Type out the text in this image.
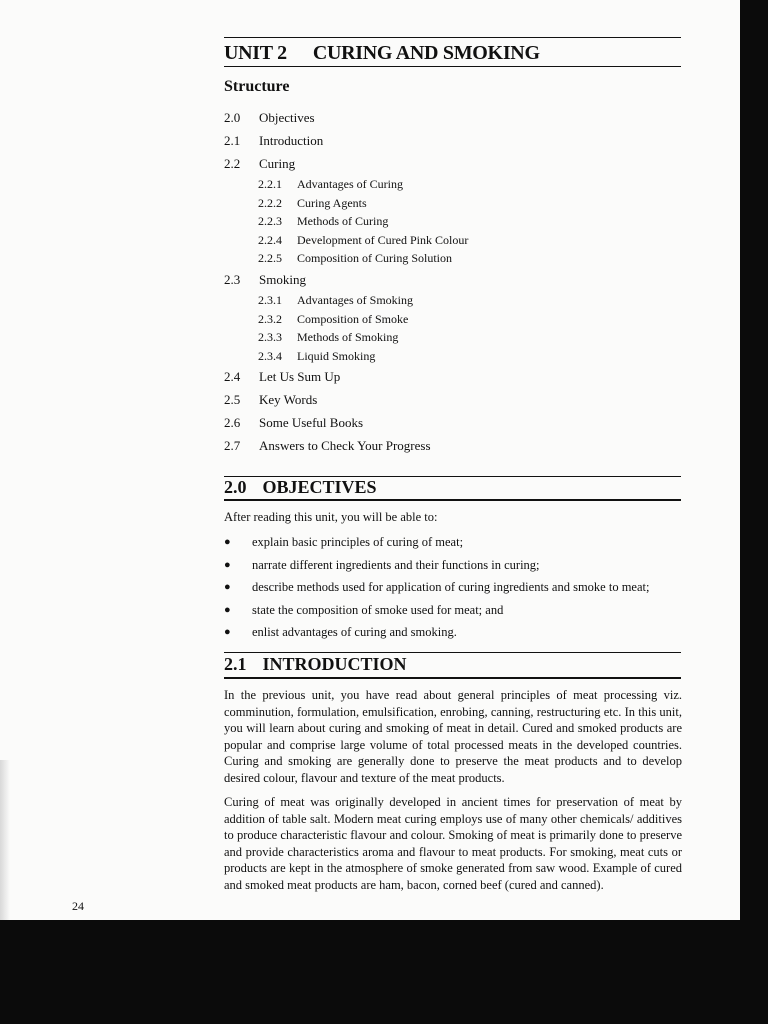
UNIT 2 CURING AND SMOKING
Structure
2.0	Objectives
2.1	Introduction
2.2	Curing
2.2.1	Advantages of Curing
2.2.2	Curing Agents
2.2.3	Methods of Curing
2.2.4	Development of Cured Pink Colour
2.2.5	Composition of Curing Solution
2.3	Smoking
2.3.1	Advantages of Smoking
2.3.2	Composition of Smoke
2.3.3	Methods of Smoking
2.3.4	Liquid Smoking
2.4	Let Us Sum Up
2.5	Key Words
2.6	Some Useful Books
2.7	Answers to Check Your Progress
2.0 OBJECTIVES
After reading this unit, you will be able to:
●	explain basic principles of curing of meat;
●	narrate different ingredients and their functions in curing;
●	describe methods used for application of curing ingredients and smoke to meat;
●	state the composition of smoke used for meat; and
●	enlist advantages of curing and smoking.
2.1 INTRODUCTION
In the previous unit, you have read about general principles of meat processing viz. comminution, formulation, emulsification, enrobing, canning, restructuring etc. In this unit, you will learn about curing and smoking of meat in detail. Cured and smoked products are popular and comprise large volume of total processed meats in the developed countries. Curing and smoking are generally done to preserve the meat products and to develop desired colour, flavour and texture of the meat products.
Curing of meat was originally developed in ancient times for preservation of meat by addition of table salt. Modern meat curing employs use of many other chemicals/ additives to produce characteristic flavour and colour. Smoking of meat is primarily done to preserve and provide characteristics aroma and flavour to meat products. For smoking, meat cuts or products are kept in the atmosphere of smoke generated from saw wood. Example of cured and smoked meat products are ham, bacon, corned beef (cured and canned).
24
